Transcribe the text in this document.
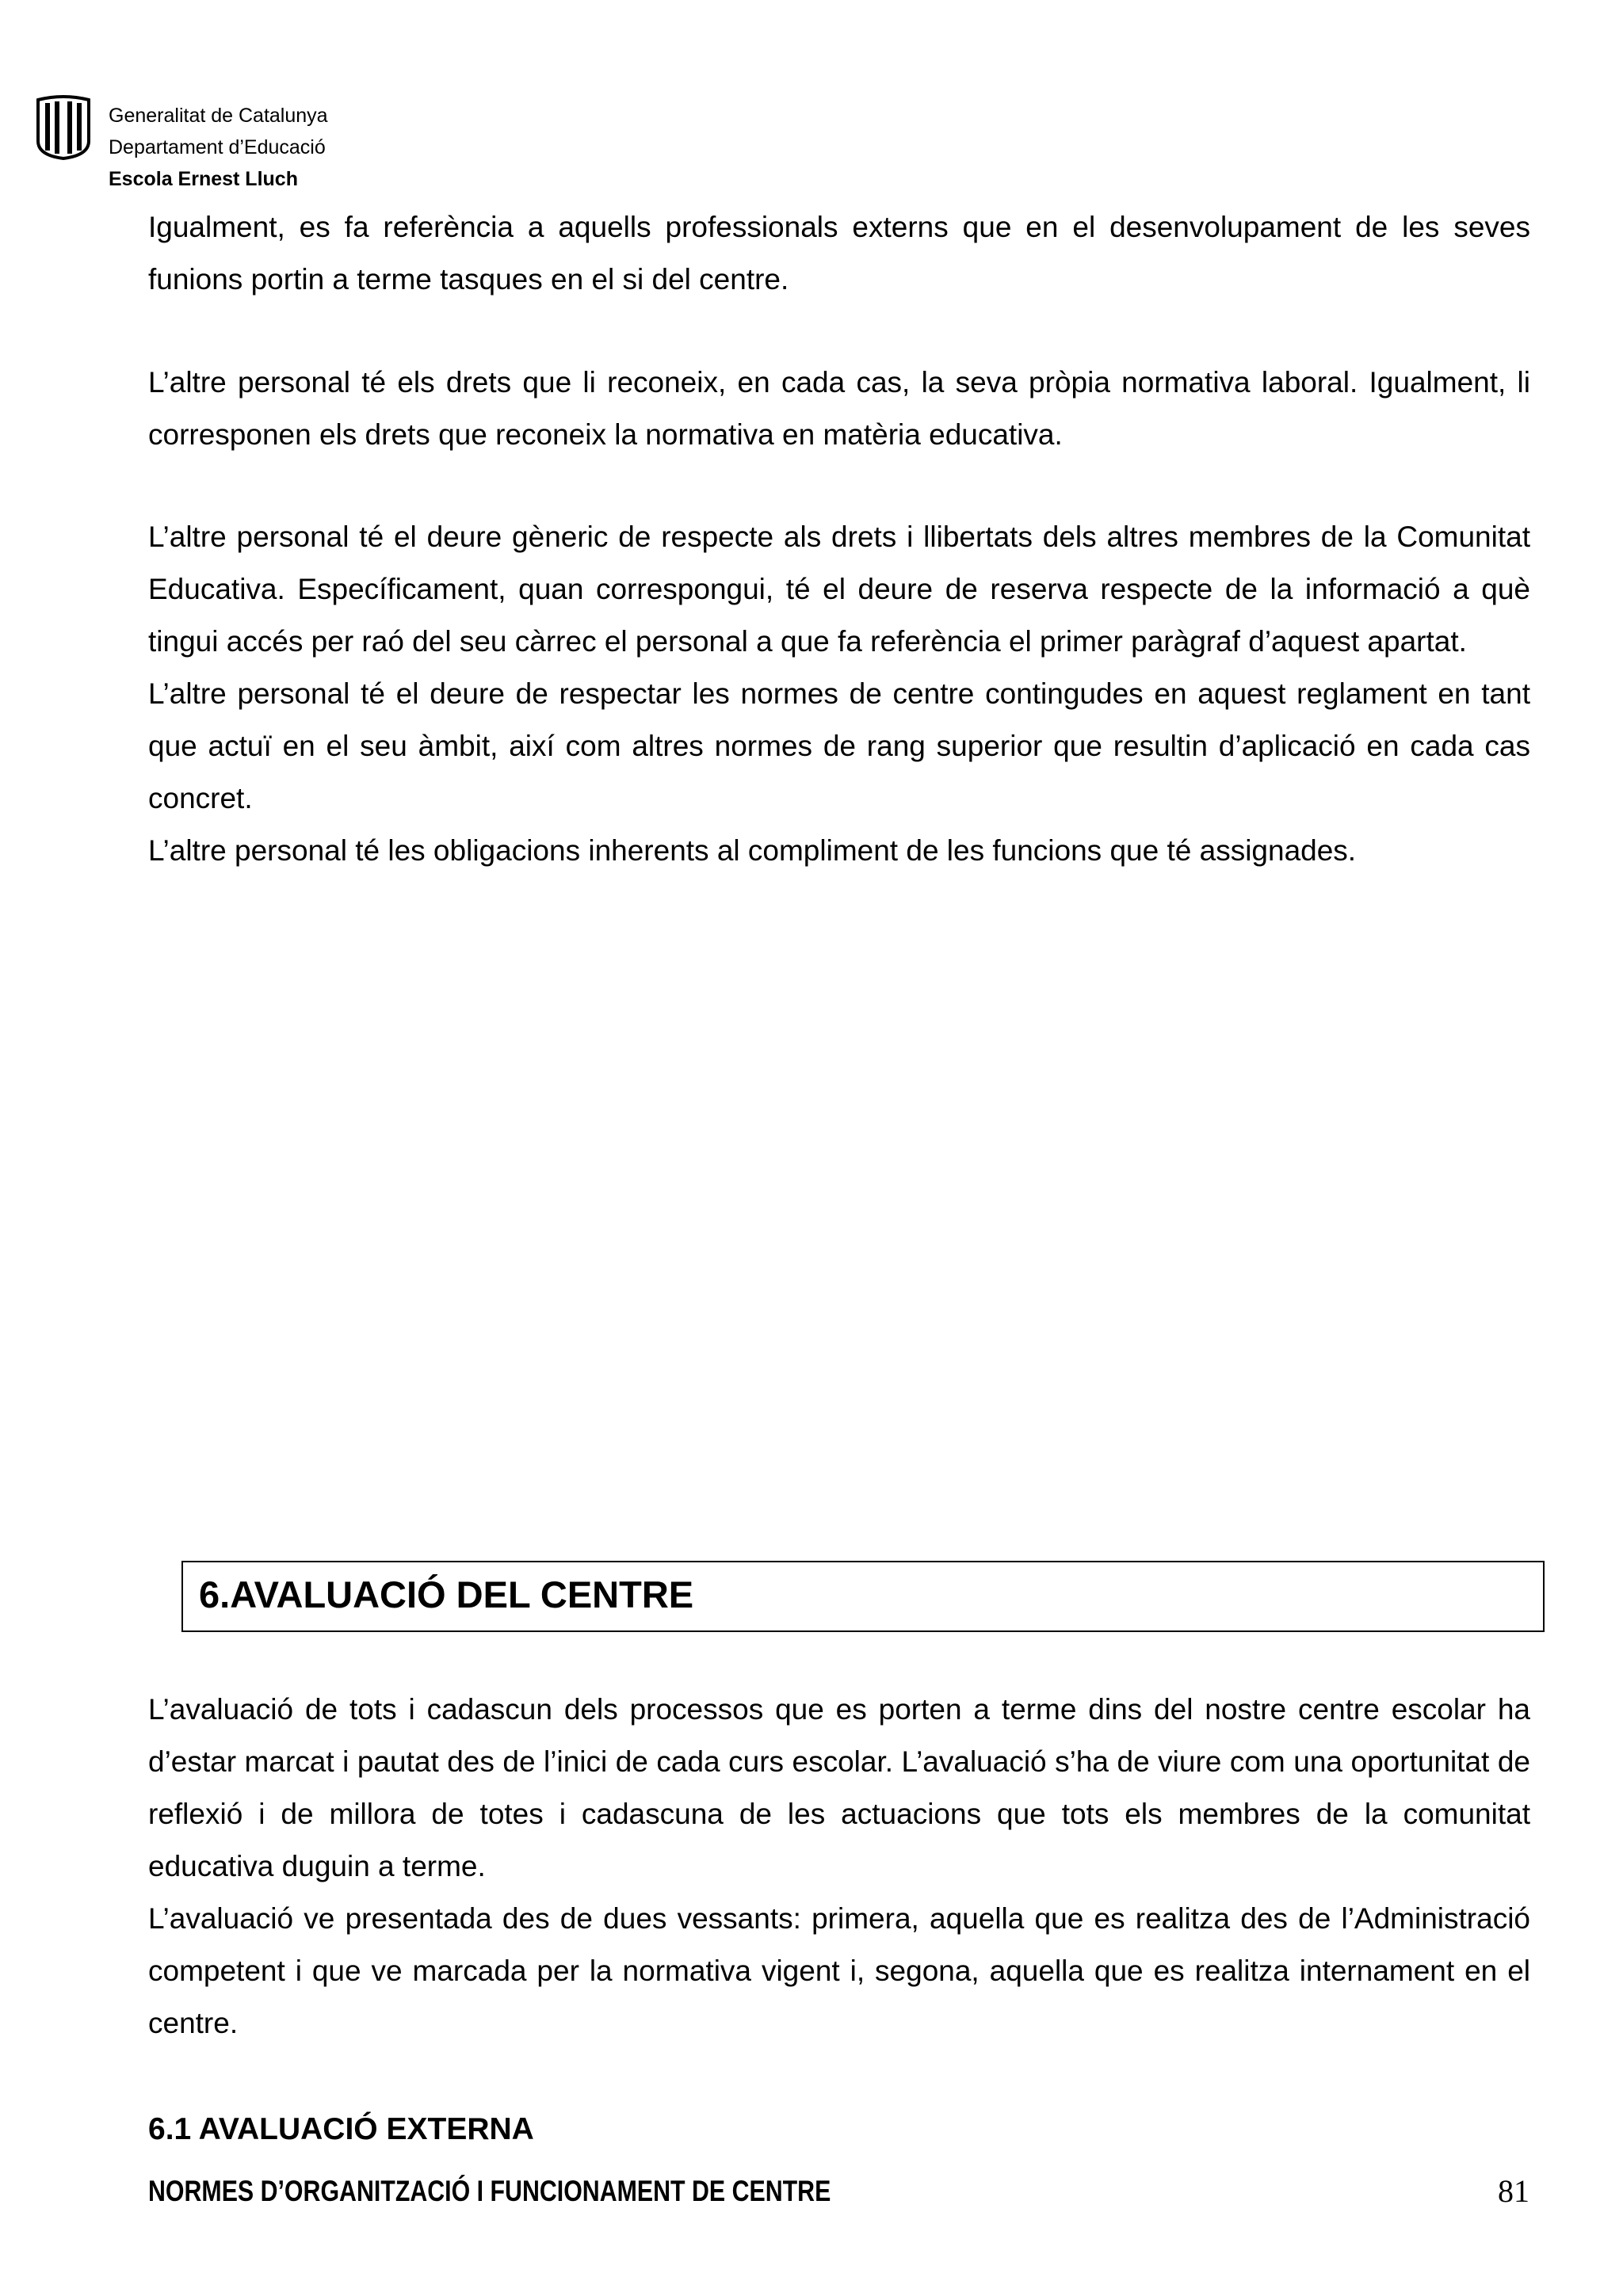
Generalitat de Catalunya
Departament d’Educació
Escola Ernest Lluch

Igualment, es fa referència a aquells professionals externs que en el desenvolupament de les seves funions portin a terme tasques en el si del centre.

L’altre personal té els drets que li reconeix, en cada cas, la seva pròpia normativa laboral. Igualment, li corresponen els drets que reconeix la normativa en matèria educativa.

L’altre personal té el deure gèneric de respecte als drets i llibertats dels altres membres de la Comunitat Educativa. Específicament, quan correspongui, té el deure de reserva respecte de la informació a què tingui accés per raó del seu càrrec el personal a que fa referència el primer paràgraf d’aquest apartat.

L’altre personal té el deure de respectar les normes de centre contingudes en aquest reglament en tant que actuï en el seu àmbit, així com altres normes de rang superior que resultin d’aplicació en cada cas concret.

L’altre personal té les obligacions inherents al compliment de les funcions que té assignades.

6.AVALUACIÓ DEL CENTRE

L’avaluació de tots i cadascun dels processos que es porten a terme dins del nostre centre escolar ha d’estar marcat i pautat des de l’inici de cada curs escolar. L’avaluació s’ha de viure com una oportunitat de reflexió i de millora de totes i cadascuna de les actuacions que tots els membres de la comunitat educativa duguin a terme.

L’avaluació ve presentada des de dues vessants: primera, aquella que es realitza des de l’Administració competent i que ve marcada per la normativa vigent i, segona, aquella que es realitza internament en el centre.

6.1 AVALUACIÓ EXTERNA
NORMES D’ORGANITZACIÓ I FUNCIONAMENT DE CENTRE	81
